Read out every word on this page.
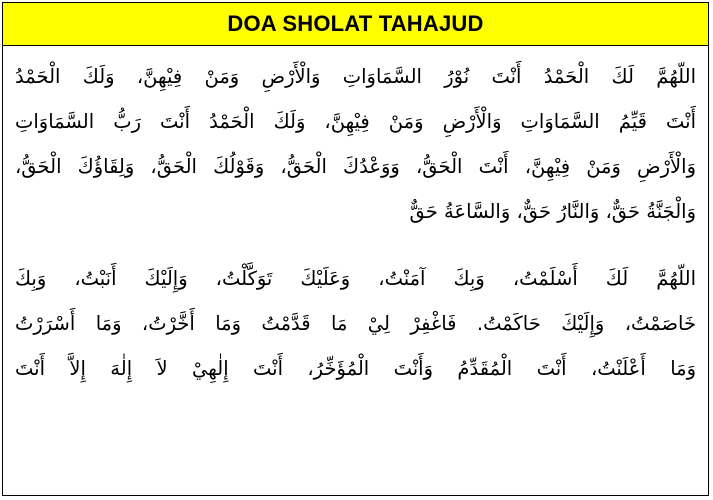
DOA SHOLAT TAHAJUD
اللّهُمَّ لَكَ الْحَمْدُ أَنْتَ نُوْرُ السَّمَاوَاتِ وَالْأَرْضِ وَمَنْ فِيْهِنَّ، وَلَكَ الْحَمْدُ
أَنْتَ قَيِّمُ السَّمَاوَاتِ وَالْأَرْضِ وَمَنْ فِيْهِنَّ، وَلَكَ الْحَمْدُ أَنْتَ رَبُّ السَّمَاوَاتِ
وَالْأَرْضِ وَمَنْ فِيْهِنَّ، أَنْتَ الْحَقُّ، وَوَعْدُكَ الْحَقُّ، وَقَوْلُكَ الْحَقُّ، وَلِقَاؤُكَ الْحَقُّ،
وَالْجَنَّةُ حَقٌّ، وَالنَّارُ حَقٌّ، وَالسَّاعَةُ حَقٌّ
اللّهُمَّ لَكَ أَسْلَمْتُ، وَبِكَ آمَنْتُ، وَعَلَيْكَ تَوَكَّلْتُ، وَإِلَيْكَ أَنَبْتُ، وَبِكَ
خَاصَمْتُ، وَإِلَيْكَ حَاكَمْتُ. فَاغْفِرْ لِيْ مَا قَدَّمْتُ وَمَا أَخَّرْتُ، وَمَا أَسْرَرْتُ
وَمَا أَعْلَنْتُ، أَنْتَ الْمُقَدِّمُ وَأَنْتَ الْمُؤَخِّرُ، أَنْتَ إِلٰهِيْ لاَ إِلٰهَ إِلاَّ أَنْتَ
